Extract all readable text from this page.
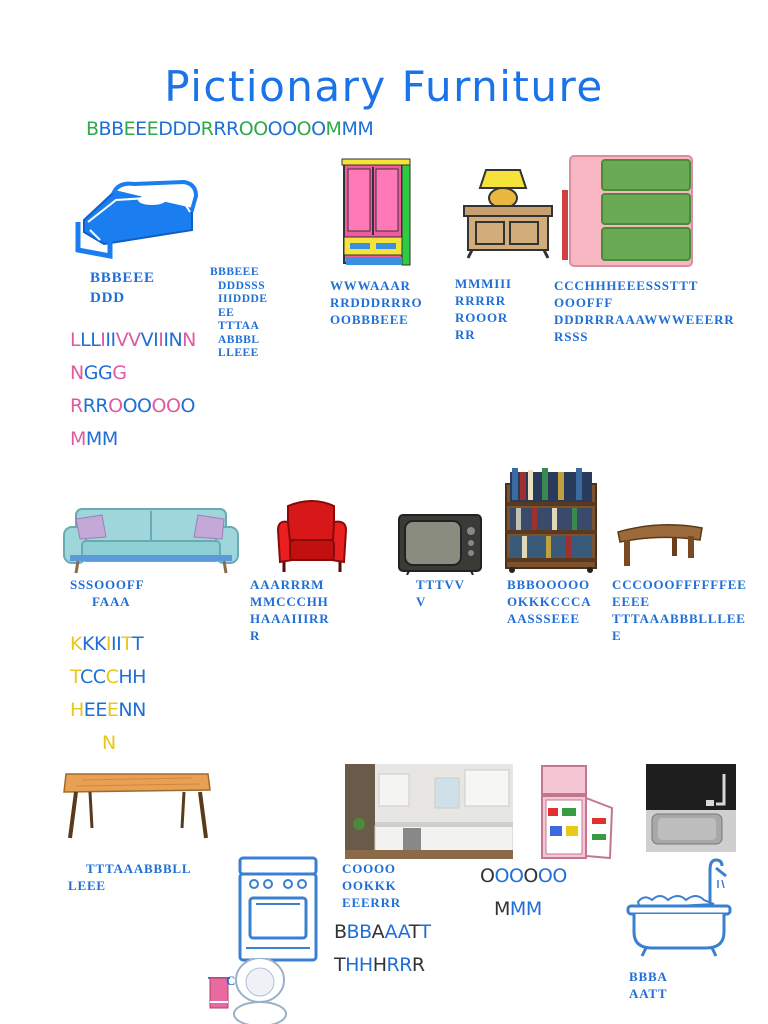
Pictionary Furniture
BBBEEEDDDRRROOOOOOMMM
BBBEEE
DDD
BBBEEE
DDDSSS
IIIDDDE
EE
TTTAA
ABBBL
LLEEE
WWWAAAR
RRDDDRRRO
OOBBBEEE
MMMIII
RRRRR
ROOOR
RR
CCCHHHEEESSSTTT
OOOFFF
DDDRRRAAAWWWEEERR
RSSS
LLLIIIVVVIIINN
NGGG
RRROOOOOO
MMM
SSSOOOFF
FAAA
AAARRRM
MMCCCHH
HAAAIIIRR
R
TTTVV
V
BBBOOOOO
OKKKCCCA
AASSSEEE
CCCOOOFFFFFFEE
EEEE
TTTAAABBBLLLEE
E
KKKIIITT
TCCCHH
HEEENN
N
TTTAAABBBLL
LEEE
COOOO
OOKKK
EEERRR
OOOOOO
MMM
BBBAAATT
THHHRRR
BBBA
AATT
C
